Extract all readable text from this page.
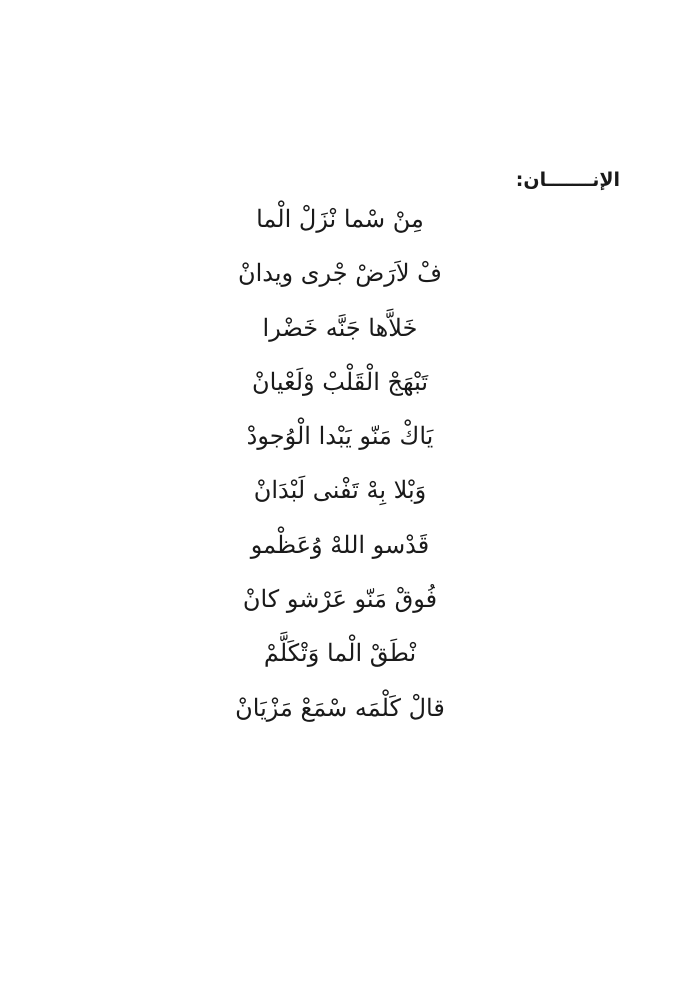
الإنـــــــان:
مِنْ سْما نْزَلْ الْما
فْ لاَرَضْ جْرى ويدانْ
خَلاَّها جَنَّه خَضْرا
تَبْهَجْ الْقَلْبْ وْلَعْيانْ
يَاكْ مَنّو يَبْدا الْوُجودْ
وَبْلا بِهْ تَفْنى لَبْدَانْ
قَدْسو اللهْ وُعَظْمو
فُوقْ مَنّو عَرْشو كانْ
نْطَقْ الْما وَتْكَلَّمْ
قالْ كَلْمَه سْمَعْ مَزْيَانْ
